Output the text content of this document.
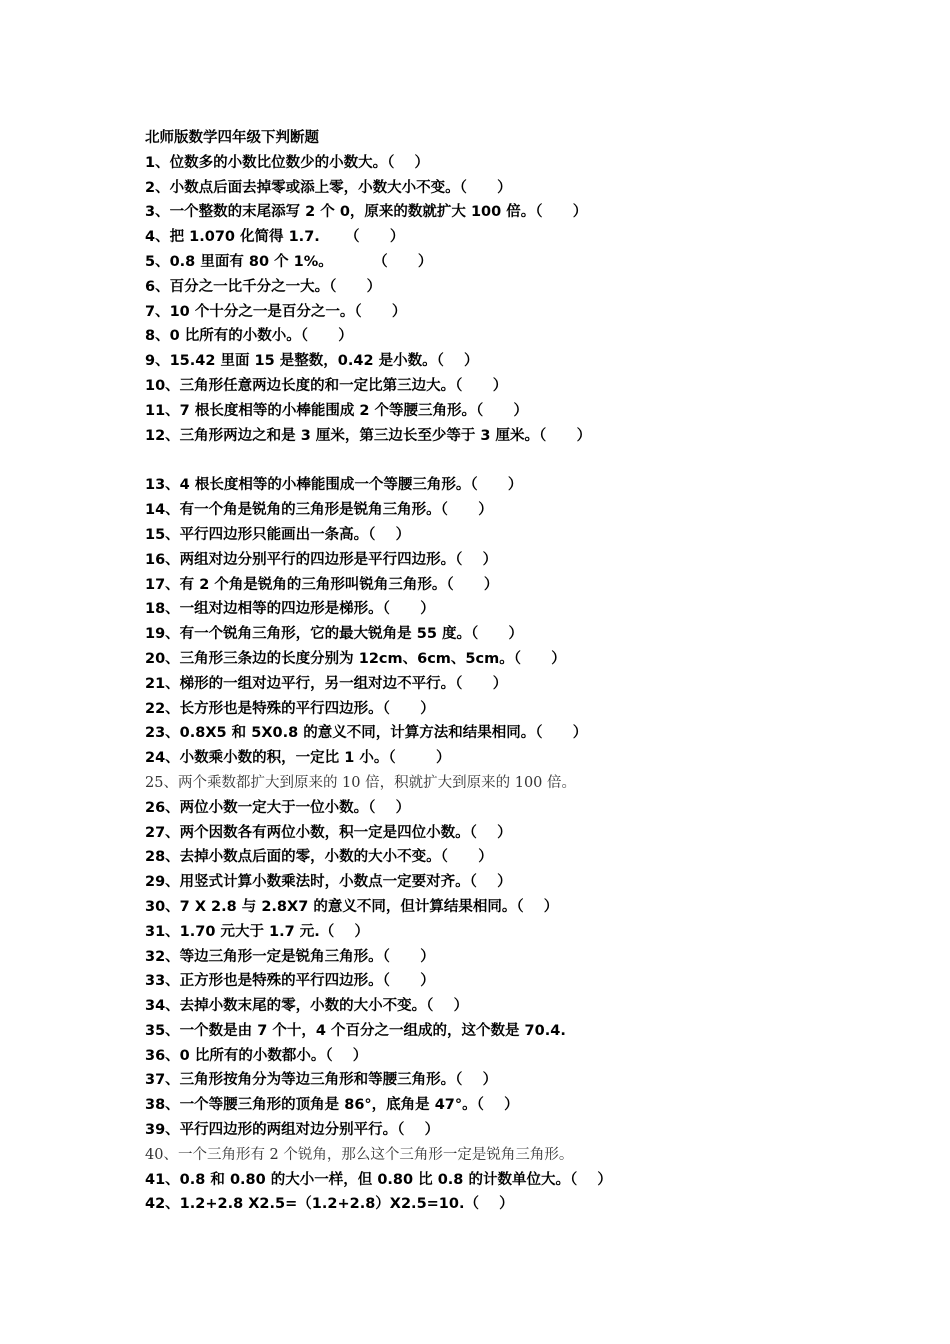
北师版数学四年级下判断题
1、位数多的小数比位数少的小数大。（    ）
2、小数点后面去掉零或添上零，小数大小不变。（      ）
3、一个整数的末尾添写 2 个 0，原来的数就扩大 100 倍。（      ）
4、把 1.070 化简得 1.7.     （      ）
5、0.8 里面有 80 个 1%。        （      ）
6、百分之一比千分之一大。（      ）
7、10 个十分之一是百分之一。（      ）
8、0 比所有的小数小。（      ）
9、15.42 里面 15 是整数，0.42 是小数。（    ）
10、三角形任意两边长度的和一定比第三边大。（      ）
11、7 根长度相等的小棒能围成 2 个等腰三角形。（      ）
12、三角形两边之和是 3 厘米，第三边长至少等于 3 厘米。（      ）
13、4 根长度相等的小棒能围成一个等腰三角形。（      ）
14、有一个角是锐角的三角形是锐角三角形。（      ）
15、平行四边形只能画出一条高。（    ）
16、两组对边分别平行的四边形是平行四边形。（    ）
17、有 2 个角是锐角的三角形叫锐角三角形。（      ）
18、一组对边相等的四边形是梯形。（      ）
19、有一个锐角三角形，它的最大锐角是 55 度。（      ）
20、三角形三条边的长度分别为 12cm、6cm、5cm。（      ）
21、梯形的一组对边平行，另一组对边不平行。（      ）
22、长方形也是特殊的平行四边形。（      ）
23、0.8X5 和 5X0.8 的意义不同，计算方法和结果相同。（      ）
24、小数乘小数的积，一定比 1 小。（        ）
25、两个乘数都扩大到原来的 10 倍，积就扩大到原来的 100 倍。
26、两位小数一定大于一位小数。（    ）
27、两个因数各有两位小数，积一定是四位小数。（    ）
28、去掉小数点后面的零，小数的大小不变。（      ）
29、用竖式计算小数乘法时，小数点一定要对齐。（    ）
30、7 X 2.8 与 2.8X7 的意义不同，但计算结果相同。（    ）
31、1.70 元大于 1.7 元.（    ）
32、等边三角形一定是锐角三角形。（      ）
33、正方形也是特殊的平行四边形。（      ）
34、去掉小数末尾的零，小数的大小不变。（    ）
35、一个数是由 7 个十，4 个百分之一组成的，这个数是 70.4.
36、0 比所有的小数都小。（    ）
37、三角形按角分为等边三角形和等腰三角形。（    ）
38、一个等腰三角形的顶角是 86°，底角是 47°。（    ）
39、平行四边形的两组对边分别平行。（    ）
40、一个三角形有 2 个锐角，那么这个三角形一定是锐角三角形。
41、0.8 和 0.80 的大小一样，但 0.80 比 0.8 的计数单位大。（    ）
42、1.2+2.8 X2.5=（1.2+2.8）X2.5=10.（    ）
